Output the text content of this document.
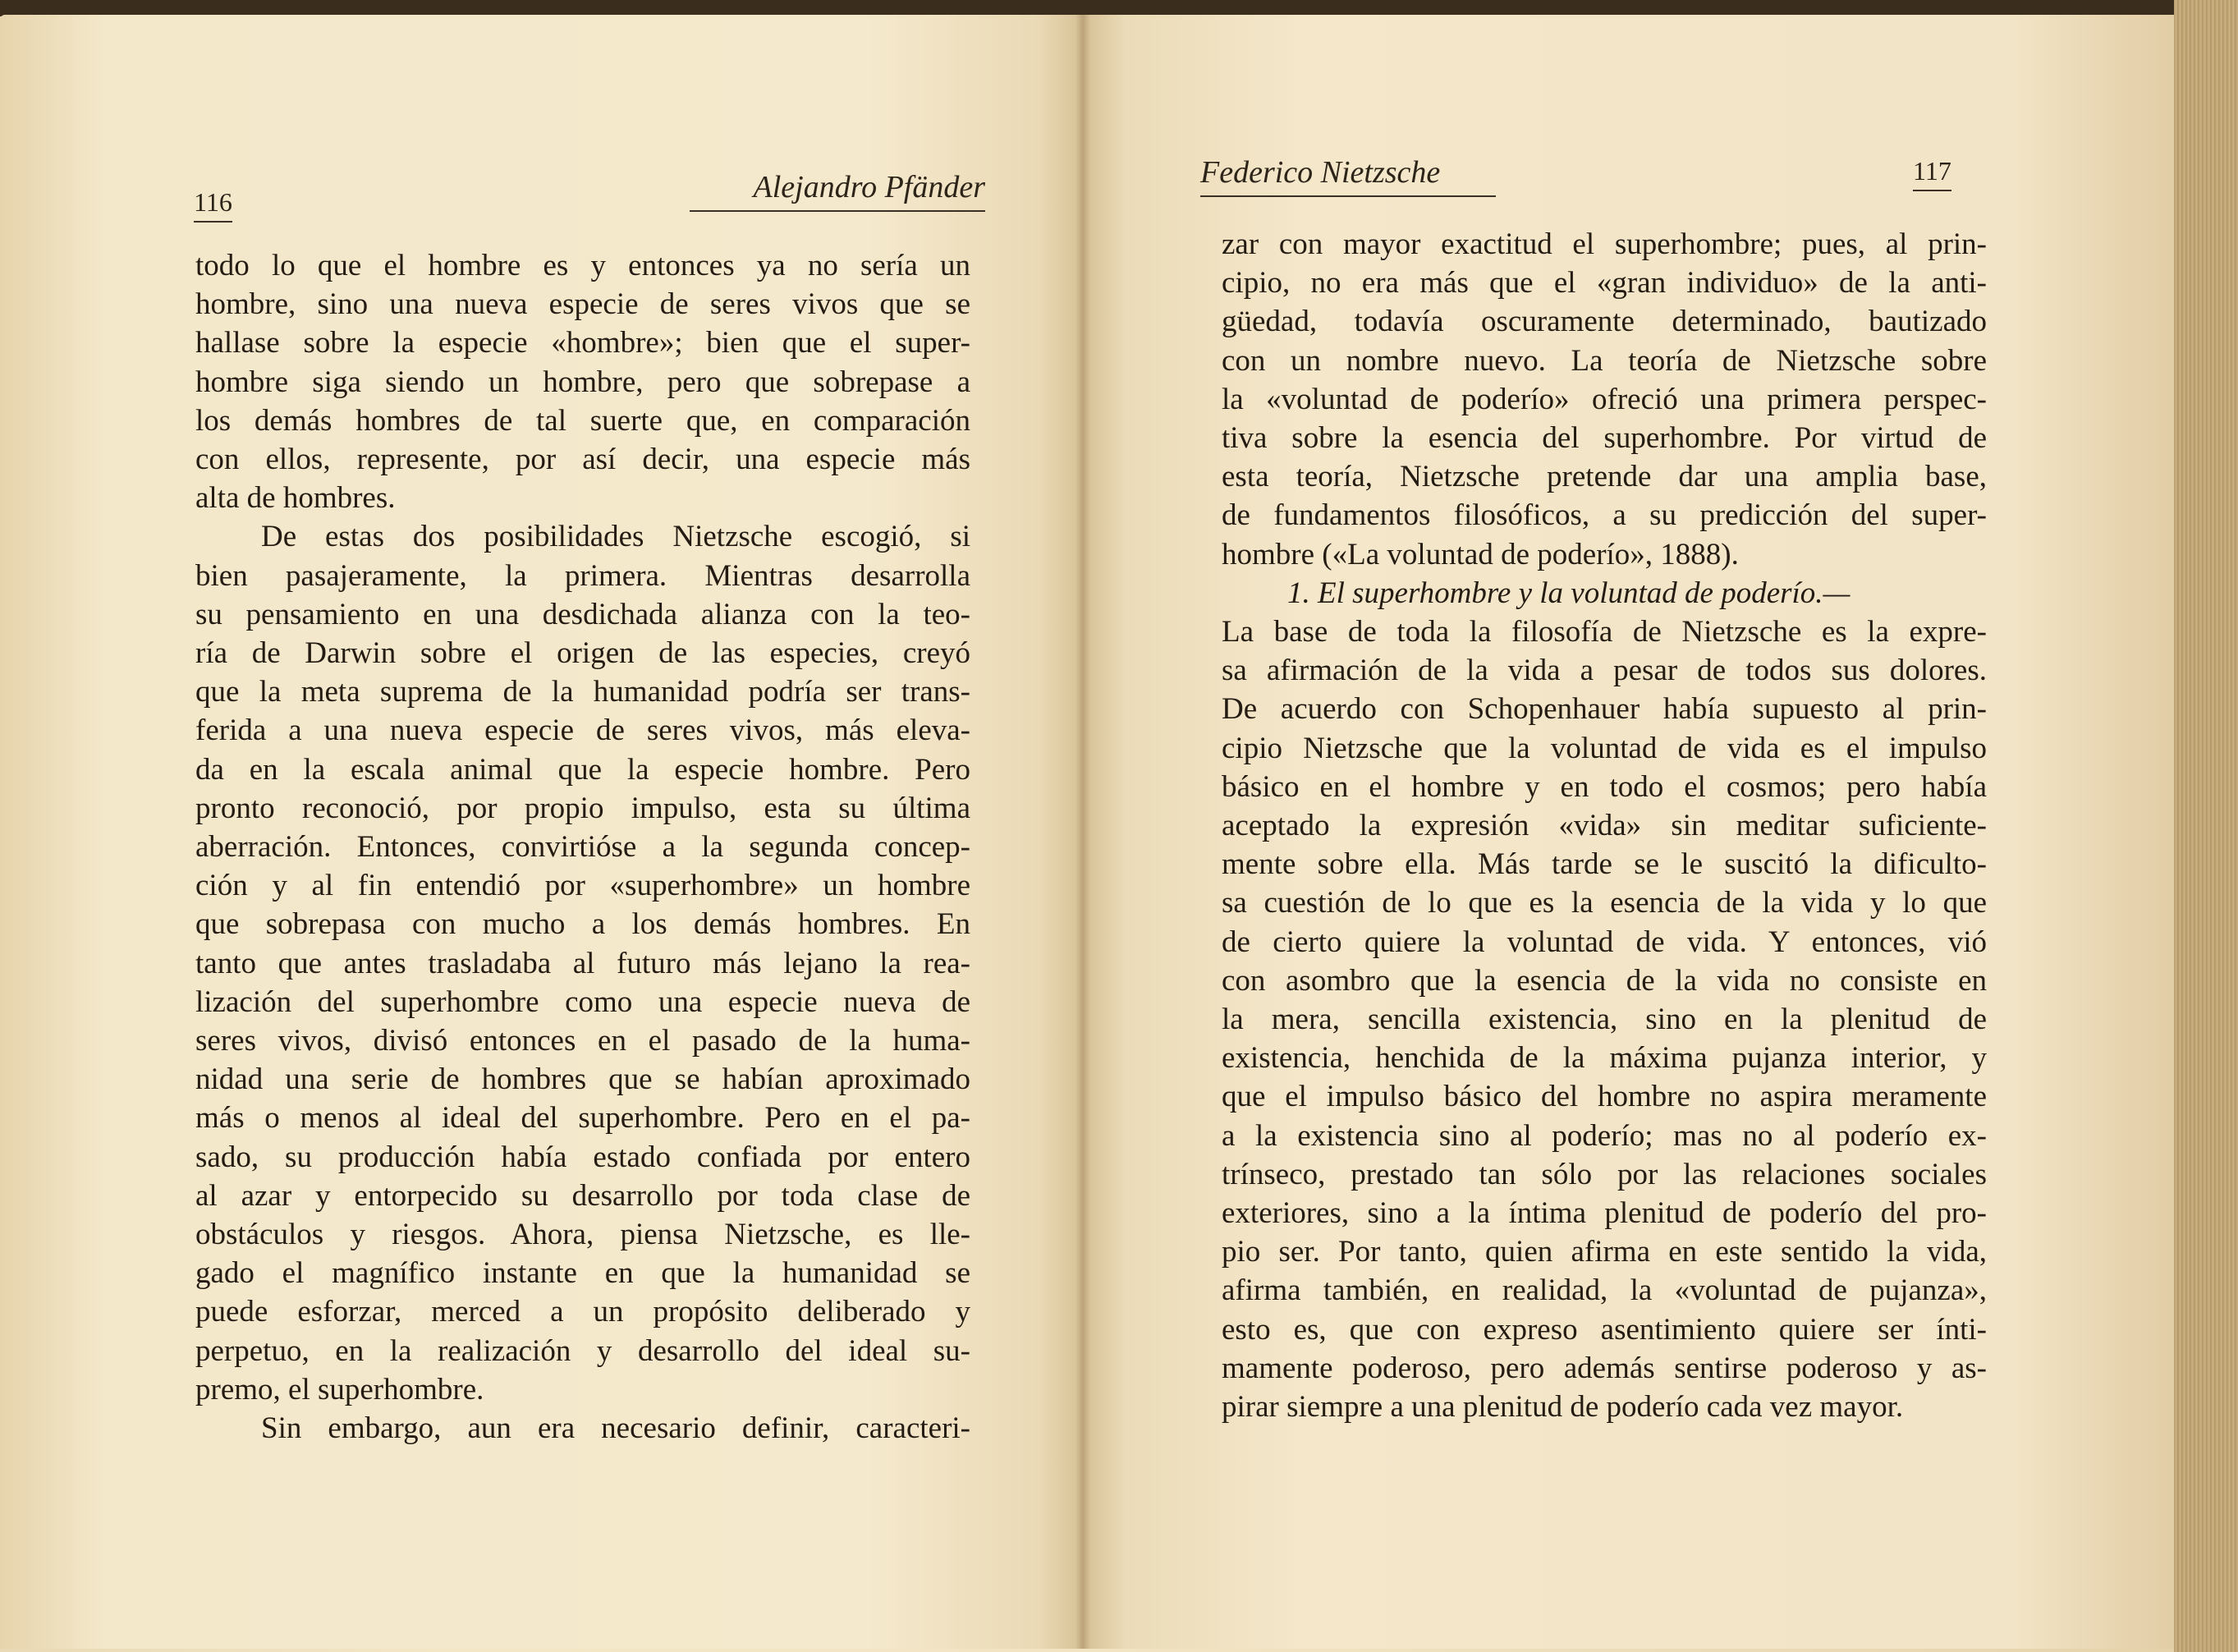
116	Alejandro Pfänder	Federico Nietzsche	117
todo lo que el hombre es y entonces ya no sería un
hombre, sino una nueva especie de seres vivos que se
hallase sobre la especie «hombre»; bien que el super-
hombre siga siendo un hombre, pero que sobrepase a
los demás hombres de tal suerte que, en comparación
con ellos, represente, por así decir, una especie más
alta de hombres.
De estas dos posibilidades Nietzsche escogió, si
bien pasajeramente, la primera. Mientras desarrolla
su pensamiento en una desdichada alianza con la teo-
ría de Darwin sobre el origen de las especies, creyó
que la meta suprema de la humanidad podría ser trans-
ferida a una nueva especie de seres vivos, más eleva-
da en la escala animal que la especie hombre. Pero
pronto reconoció, por propio impulso, esta su última
aberración. Entonces, convirtióse a la segunda concep-
ción y al fin entendió por «superhombre» un hombre
que sobrepasa con mucho a los demás hombres. En
tanto que antes trasladaba al futuro más lejano la rea-
lización del superhombre como una especie nueva de
seres vivos, divisó entonces en el pasado de la huma-
nidad una serie de hombres que se habían aproximado
más o menos al ideal del superhombre. Pero en el pa-
sado, su producción había estado confiada por entero
al azar y entorpecido su desarrollo por toda clase de
obstáculos y riesgos. Ahora, piensa Nietzsche, es lle-
gado el magnífico instante en que la humanidad se
puede esforzar, merced a un propósito deliberado y
perpetuo, en la realización y desarrollo del ideal su-
premo, el superhombre.
Sin embargo, aun era necesario definir, caracteri-
zar con mayor exactitud el superhombre; pues, al prin-
cipio, no era más que el «gran individuo» de la anti-
güedad, todavía oscuramente determinado, bautizado
con un nombre nuevo. La teoría de Nietzsche sobre
la «voluntad de poderío» ofreció una primera perspec-
tiva sobre la esencia del superhombre. Por virtud de
esta teoría, Nietzsche pretende dar una amplia base,
de fundamentos filosóficos, a su predicción del super-
hombre («La voluntad de poderío», 1888).
1. El superhombre y la voluntad de poderío.—
La base de toda la filosofía de Nietzsche es la expre-
sa afirmación de la vida a pesar de todos sus dolores.
De acuerdo con Schopenhauer había supuesto al prin-
cipio Nietzsche que la voluntad de vida es el impulso
básico en el hombre y en todo el cosmos; pero había
aceptado la expresión «vida» sin meditar suficiente-
mente sobre ella. Más tarde se le suscitó la dificulto-
sa cuestión de lo que es la esencia de la vida y lo que
de cierto quiere la voluntad de vida. Y entonces, vió
con asombro que la esencia de la vida no consiste en
la mera, sencilla existencia, sino en la plenitud de
existencia, henchida de la máxima pujanza interior, y
que el impulso básico del hombre no aspira meramente
a la existencia sino al poderío; mas no al poderío ex-
trínseco, prestado tan sólo por las relaciones sociales
exteriores, sino a la íntima plenitud de poderío del pro-
pio ser. Por tanto, quien afirma en este sentido la vida,
afirma también, en realidad, la «voluntad de pujanza»,
esto es, que con expreso asentimiento quiere ser ínti-
mamente poderoso, pero además sentirse poderoso y as-
pirar siempre a una plenitud de poderío cada vez mayor.
